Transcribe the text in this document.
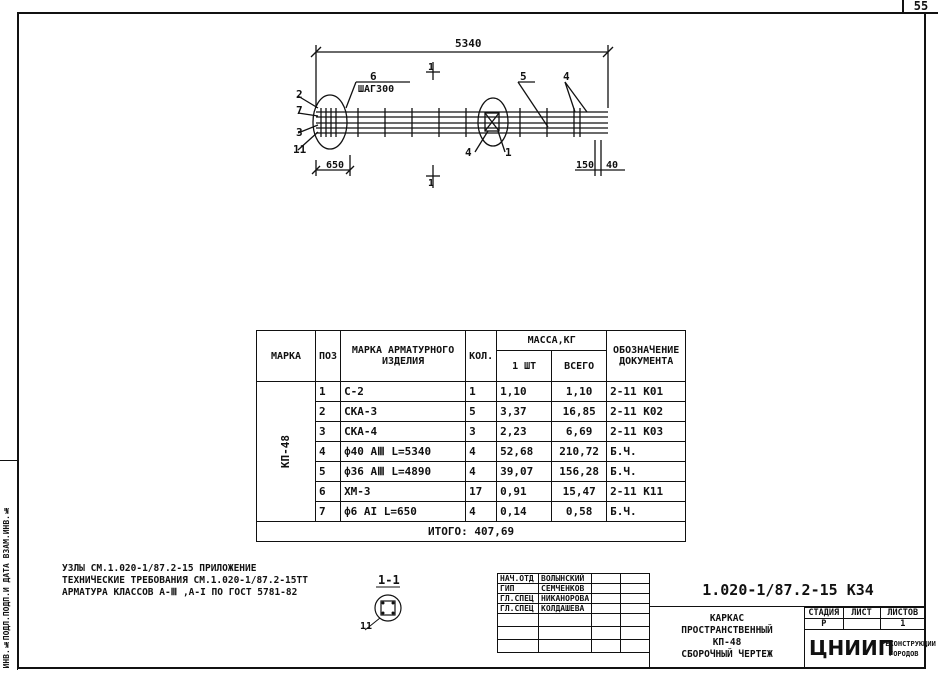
55
ИНВ.№ПОДЛ.ПОДП.И ДАТА ВЗАМ.ИНВ.№
5340
6
ШАГ300
2
7
3
11
5	4
4	1
1
1
650	150 40
МАРКА	ПОЗ	МАРКА АРМАТУРНОГО ИЗДЕЛИЯ	КОЛ.	МАССА,КГ		ОБОЗНАЧЕНИЕ ДОКУМЕНТА
				1 ШТ	ВСЕГО	
КП-48	1	С-2	1	1,10	1,10	2-11 К01
	2	СКА-3	5	3,37	16,85	2-11 К02
	3	СКА-4	3	2,23	6,69	2-11 К03
	4	ф40 АⅢ L=5340	4	52,68	210,72	Б.Ч.
	5	ф36 АⅢ L=4890	4	39,07	156,28	Б.Ч.
	6	ХМ-3	17	0,91	15,47	2-11 К11
	7	ф6 АI L=650	4	0,14	0,58	Б.Ч.
ИТОГО: 407,69						
УЗЛЫ СМ.1.020-1/87.2-15 ПРИЛОЖЕНИЕ
ТЕХНИЧЕСКИЕ ТРЕБОВАНИЯ СМ.1.020-1/87.2-15ТТ
АРМАТУРА КЛАССОВ А-Ⅲ ,А-I ПО ГОСТ 5781-82
1-1
11
НАЧ.ОТД	ВОЛЫНСКИЙ		
ГИП	СЕМЧЕНКОВ		
ГЛ.СПЕЦ	НИКАНОРОВА		
ГЛ.СПЕЦ	КОЛДАШЕВА		

1.020-1/87.2-15 КЗ4
КАРКАС
ПРОСТРАНСТВЕННЫЙ
КП-48
СБОРОЧНЫЙ ЧЕРТЕЖ
СТАДИЯ	ЛИСТ	ЛИСТОВ
Р		1
ЦНИИП
РЕКОНСТРУКЦИИ
ГОРОДОВ
